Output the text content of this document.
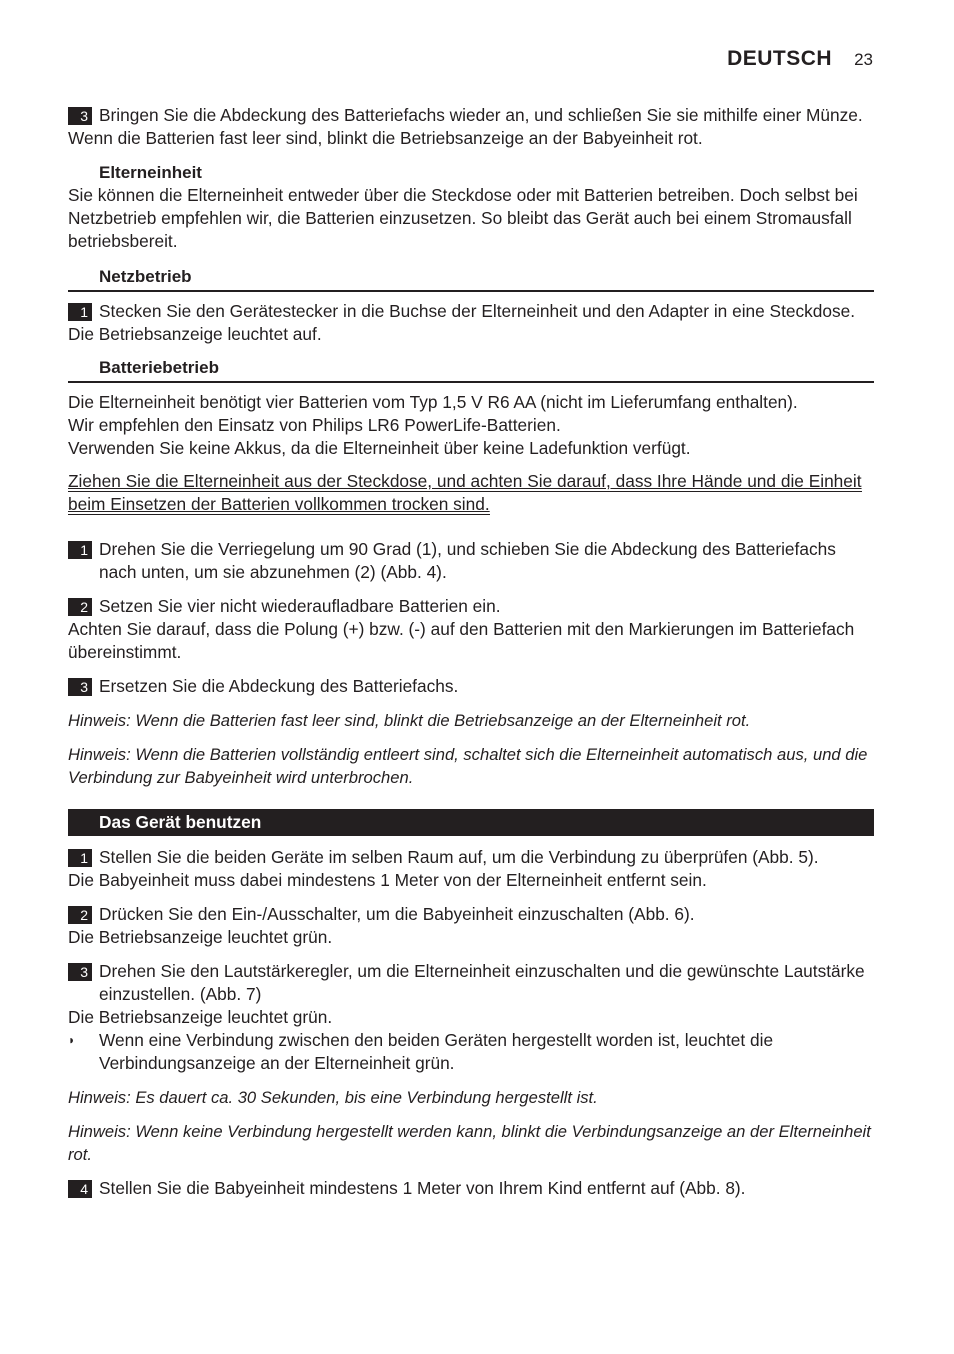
DEUTSCH 23
3 Bringen Sie die Abdeckung des Batteriefachs wieder an, und schließen Sie sie mithilfe einer Münze.
Wenn die Batterien fast leer sind, blinkt die Betriebsanzeige an der Babyeinheit rot.
Elterneinheit
Sie können die Elterneinheit entweder über die Steckdose oder mit Batterien betreiben. Doch selbst bei Netzbetrieb empfehlen wir, die Batterien einzusetzen. So bleibt das Gerät auch bei einem Stromausfall betriebsbereit.
Netzbetrieb
1 Stecken Sie den Gerätestecker in die Buchse der Elterneinheit und den Adapter in eine Steckdose.
Die Betriebsanzeige leuchtet auf.
Batteriebetrieb
Die Elterneinheit benötigt vier Batterien vom Typ 1,5 V R6 AA (nicht im Lieferumfang enthalten).
Wir empfehlen den Einsatz von Philips LR6 PowerLife-Batterien.
Verwenden Sie keine Akkus, da die Elterneinheit über keine Ladefunktion verfügt.
Ziehen Sie die Elterneinheit aus der Steckdose, und achten Sie darauf, dass Ihre Hände und die Einheit beim Einsetzen der Batterien vollkommen trocken sind.
1 Drehen Sie die Verriegelung um 90 Grad (1), und schieben Sie die Abdeckung des Batteriefachs nach unten, um sie abzunehmen (2) (Abb. 4).
2 Setzen Sie vier nicht wiederaufladbare Batterien ein.
Achten Sie darauf, dass die Polung (+) bzw. (-) auf den Batterien mit den Markierungen im Batteriefach übereinstimmt.
3 Ersetzen Sie die Abdeckung des Batteriefachs.
Hinweis: Wenn die Batterien fast leer sind, blinkt die Betriebsanzeige an der Elterneinheit rot.
Hinweis: Wenn die Batterien vollständig entleert sind, schaltet sich die Elterneinheit automatisch aus, und die Verbindung zur Babyeinheit wird unterbrochen.
Das Gerät benutzen
1 Stellen Sie die beiden Geräte im selben Raum auf, um die Verbindung zu überprüfen (Abb. 5).
Die Babyeinheit muss dabei mindestens 1 Meter von der Elterneinheit entfernt sein.
2 Drücken Sie den Ein-/Ausschalter, um die Babyeinheit einzuschalten (Abb. 6).
Die Betriebsanzeige leuchtet grün.
3 Drehen Sie den Lautstärkeregler, um die Elterneinheit einzuschalten und die gewünschte Lautstärke einzustellen. (Abb. 7)
Die Betriebsanzeige leuchtet grün.
◗ Wenn eine Verbindung zwischen den beiden Geräten hergestellt worden ist, leuchtet die Verbindungsanzeige an der Elterneinheit grün.
Hinweis: Es dauert ca. 30 Sekunden, bis eine Verbindung hergestellt ist.
Hinweis: Wenn keine Verbindung hergestellt werden kann, blinkt die Verbindungsanzeige an der Elterneinheit rot.
4 Stellen Sie die Babyeinheit mindestens 1 Meter von Ihrem Kind entfernt auf (Abb. 8).
